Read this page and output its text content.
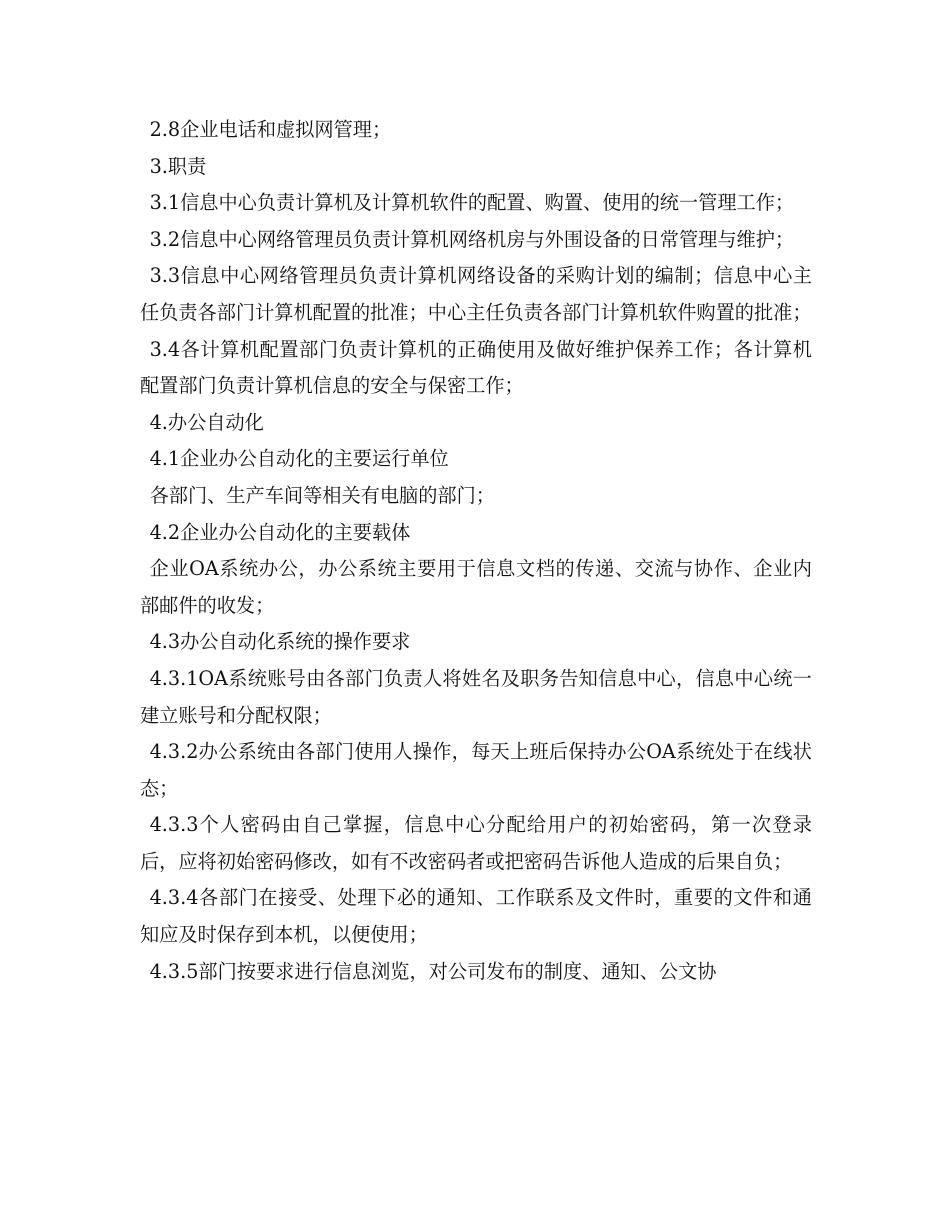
2.8企业电话和虚拟网管理；

3.职责

3.1信息中心负责计算机及计算机软件的配置、购置、使用的统一管理工作；

3.2信息中心网络管理员负责计算机网络机房与外围设备的日常管理与维护；

3.3信息中心网络管理员负责计算机网络设备的采购计划的编制；信息中心主任负责各部门计算机配置的批准；中心主任负责各部门计算机软件购置的批准；

3.4各计算机配置部门负责计算机的正确使用及做好维护保养工作；各计算机配置部门负责计算机信息的安全与保密工作；

4.办公自动化

4.1企业办公自动化的主要运行单位

各部门、生产车间等相关有电脑的部门；

4.2企业办公自动化的主要载体

企业OA系统办公，办公系统主要用于信息文档的传递、交流与协作、企业内部邮件的收发；

4.3办公自动化系统的操作要求

4.3.1OA系统账号由各部门负责人将姓名及职务告知信息中心，信息中心统一建立账号和分配权限；

4.3.2办公系统由各部门使用人操作，每天上班后保持办公OA系统处于在线状态；

4.3.3个人密码由自己掌握，信息中心分配给用户的初始密码，第一次登录后，应将初始密码修改，如有不改密码者或把密码告诉他人造成的后果自负；

4.3.4各部门在接受、处理下必的通知、工作联系及文件时，重要的文件和通知应及时保存到本机，以便使用；

4.3.5部门按要求进行信息浏览，对公司发布的制度、通知、公文协
